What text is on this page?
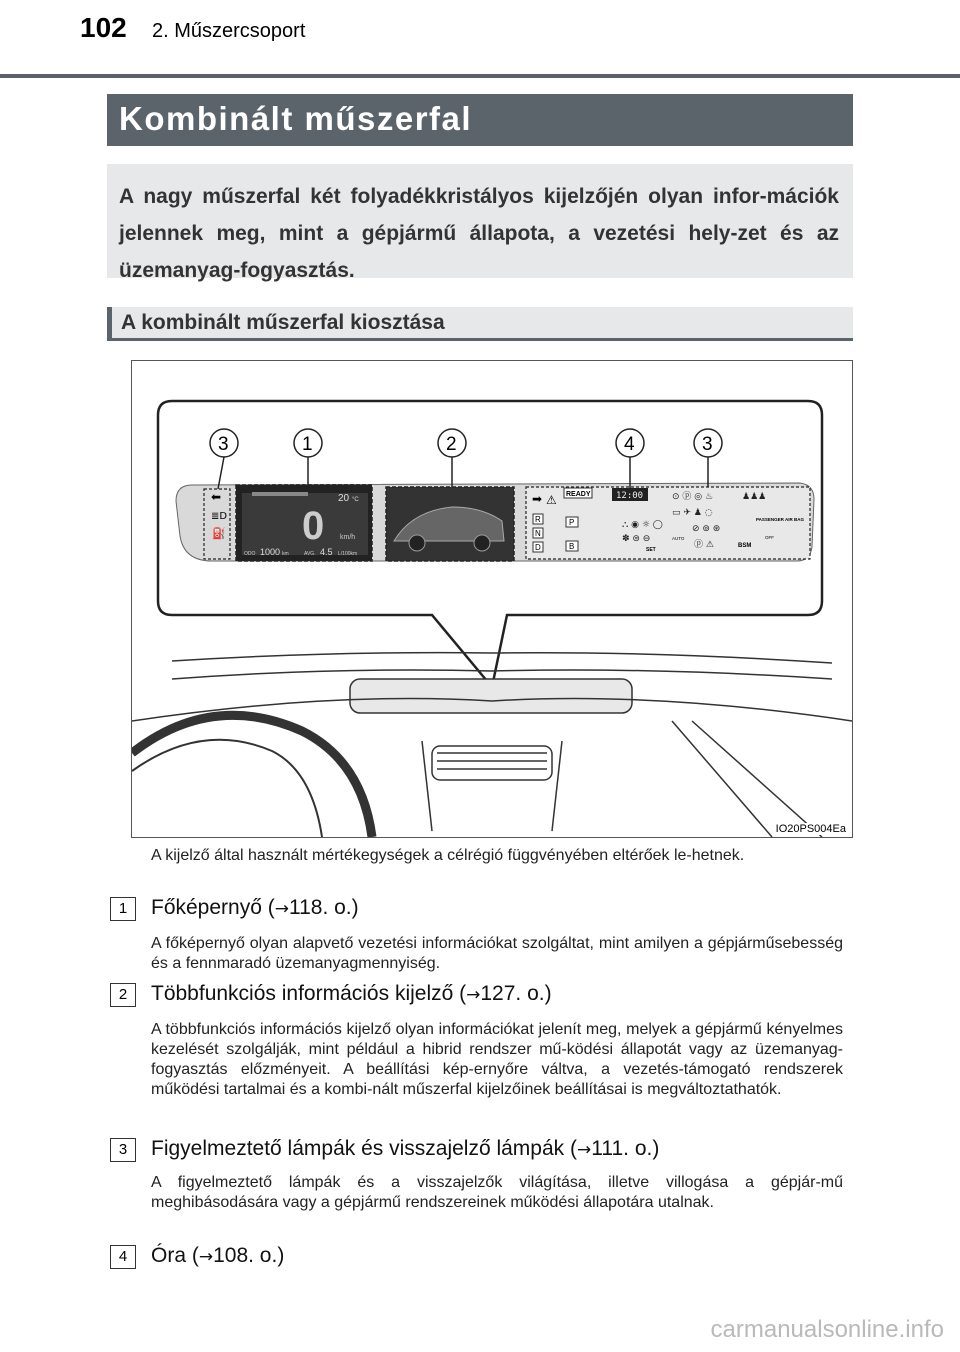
102 2. Műszercsoport
Kombinált műszerfal

A nagy műszerfal két folyadékkristályos kijelzőjén olyan infor-mációk jelennek meg, mint a gépjármű állapota, a vezetési hely-zet és az üzemanyag-fogyasztás.

A kombinált műszerfal kiosztása
⬅
≣D
⛽ 0 km/h
20 °C
ODO 1000 km	AVG. 4.5 L/100km
READY
➡ ⚠	12:00
R
N
D
P
B
PASSENGER AIR BAG
BSM
SET
AUTO	OFF
⊙ ⓟ ◎ ♨	♟♟♟
⛬ ◉ ☼ ◯
▭ ✈ ♟ ◌
✽ ⊜ ⊖
⊘ ⊚ ⊛
ⓟ ⚠
3	1	2	4	3
IO20PS004Ea

A kijelző által használt mértékegységek a célrégió függvényében eltérőek le-hetnek.

1	Főképernyő (→118. o.)

A főképernyő olyan alapvető vezetési információkat szolgáltat, mint amilyen a gépjárműsebesség és a fennmaradó üzemanyagmennyiség.

2	Többfunkciós információs kijelző (→127. o.)

A többfunkciós információs kijelző olyan információkat jelenít meg, melyek a gépjármű kényelmes kezelését szolgálják, mint például a hibrid rendszer mű-ködési állapotát vagy az üzemanyag-fogyasztás előzményeit. A beállítási kép-ernyőre váltva, a vezetés-támogató rendszerek működési tartalmai és a kombi-nált műszerfal kijelzőinek beállításai is megváltoztathatók.

3	Figyelmeztető lámpák és visszajelző lámpák (→111. o.)

A figyelmeztető lámpák és a visszajelzők világítása, illetve villogása a gépjár-mű meghibásodására vagy a gépjármű rendszereinek működési állapotára utalnak.

4	Óra (→108. o.)
carmanualsonline.info
